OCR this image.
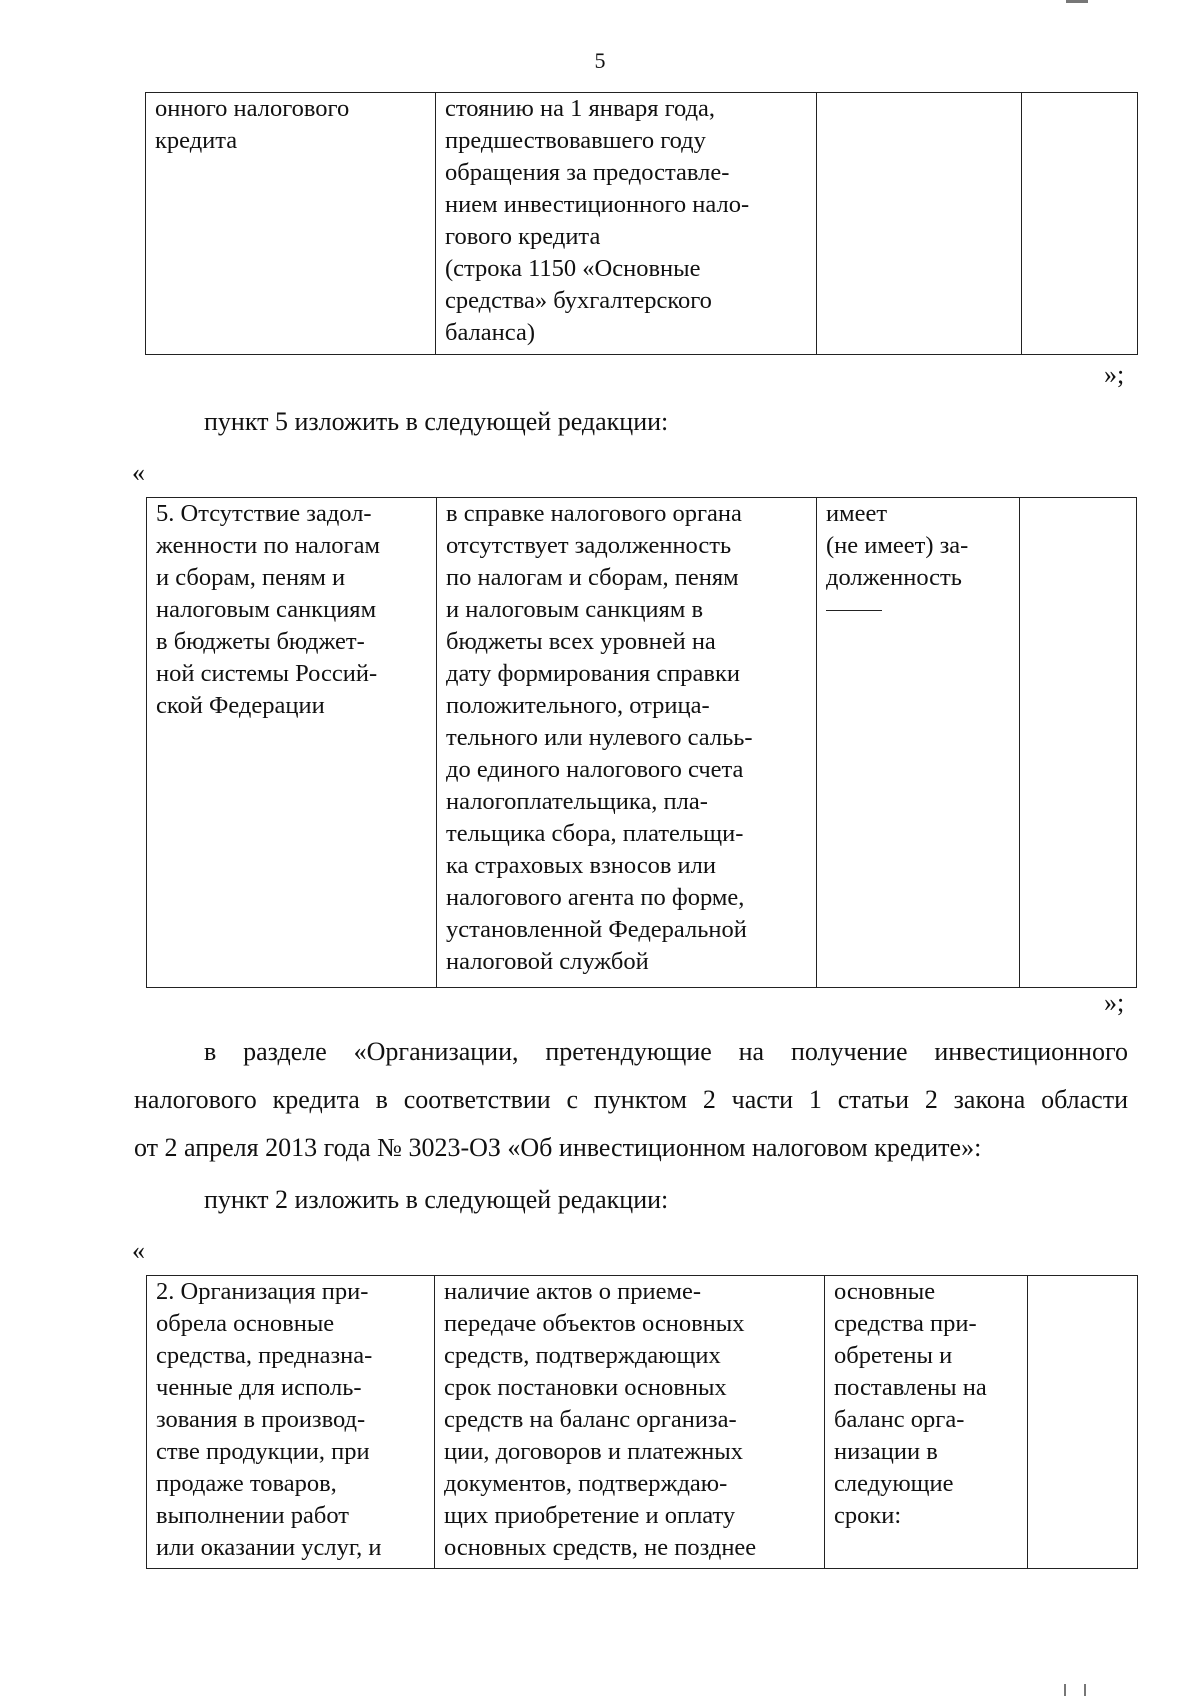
5
онного налогового
кредита	стоянию на 1 января года,
предшествовавшего году
обращения за предоставле-
нием инвестиционного нало-
гового кредита
(строка 1150 «Основные
средства» бухгалтерского
баланса)		
»;
пункт 5 изложить в следующей редакции:
«
5. Отсутствие задол-
женности по налогам
и сборам, пеням и
налоговым санкциям
в бюджеты бюджет-
ной системы Россий-
ской Федерации	в справке налогового органа
отсутствует задолженность
по налогам и сборам, пеням
и налоговым санкциям в
бюджеты всех уровней на
дату формирования справки
положительного, отрица-
тельного или нулевого сальь-
до единого налогового счета
налогоплательщика, пла-
тельщика сбора, плательщи-
ка страховых взносов или
налогового агента по форме,
установленной Федеральной
налоговой службой	имеет
(не имеет) за-
долженность

»;
в разделе «Организации, претендующие на получение инвестиционного
налогового кредита в соответствии с пунктом 2 части 1 статьи 2 закона области
от 2 апреля 2013 года № 3023-ОЗ «Об инвестиционном налоговом кредите»:
пункт 2 изложить в следующей редакции:
«
2. Организация при-
обрела основные
средства, предназна-
ченные для исполь-
зования в производ-
стве продукции, при
продаже товаров,
выполнении работ
или оказании услуг, и	наличие актов о приеме-
передаче объектов основных
средств, подтверждающих
срок постановки основных
средств на баланс организа-
ции, договоров и платежных
документов, подтверждаю-
щих приобретение и оплату
основных средств, не позднее	основные
средства при-
обретены и
поставлены на
баланс орга-
низации в
следующие
сроки:	
